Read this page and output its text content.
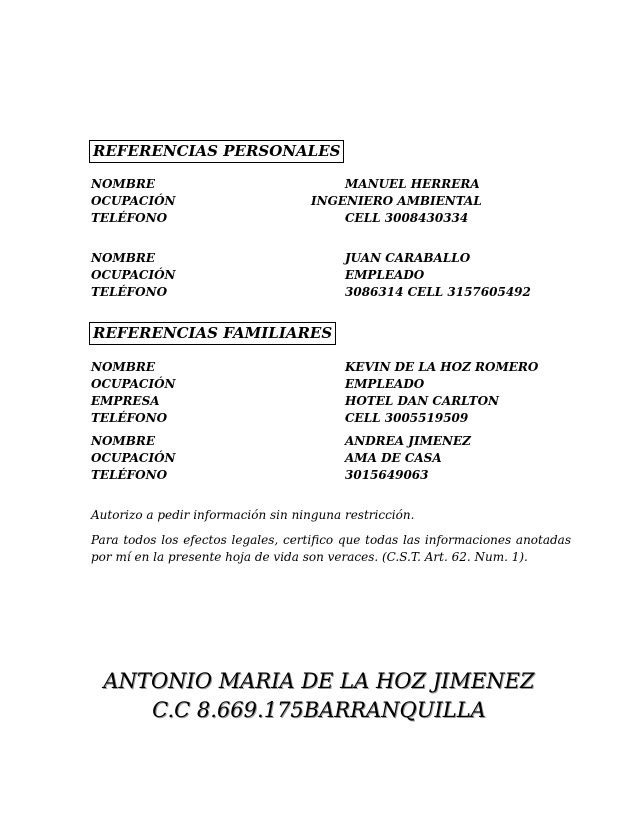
REFERENCIAS PERSONALES
NOMBRE	MANUEL HERRERA
OCUPACIÓN	INGENIERO AMBIENTAL
TELÉFONO	CELL 3008430334
NOMBRE	JUAN CARABALLO
OCUPACIÓN	EMPLEADO
TELÉFONO	3086314 CELL 3157605492
REFERENCIAS FAMILIARES
NOMBRE	KEVIN DE LA HOZ ROMERO
OCUPACIÓN	EMPLEADO
EMPRESA	HOTEL DAN CARLTON
TELÉFONO	CELL 3005519509
NOMBRE	ANDREA JIMENEZ
OCUPACIÓN	AMA DE CASA
TELÉFONO	3015649063
Autorizo a pedir información sin ninguna restricción.
Para todos los efectos legales, certifico que todas las informaciones anotadas por mí en la presente hoja de vida son veraces. (C.S.T. Art. 62. Num. 1).
ANTONIO MARIA DE LA HOZ JIMENEZ
C.C 8.669.175BARRANQUILLA
